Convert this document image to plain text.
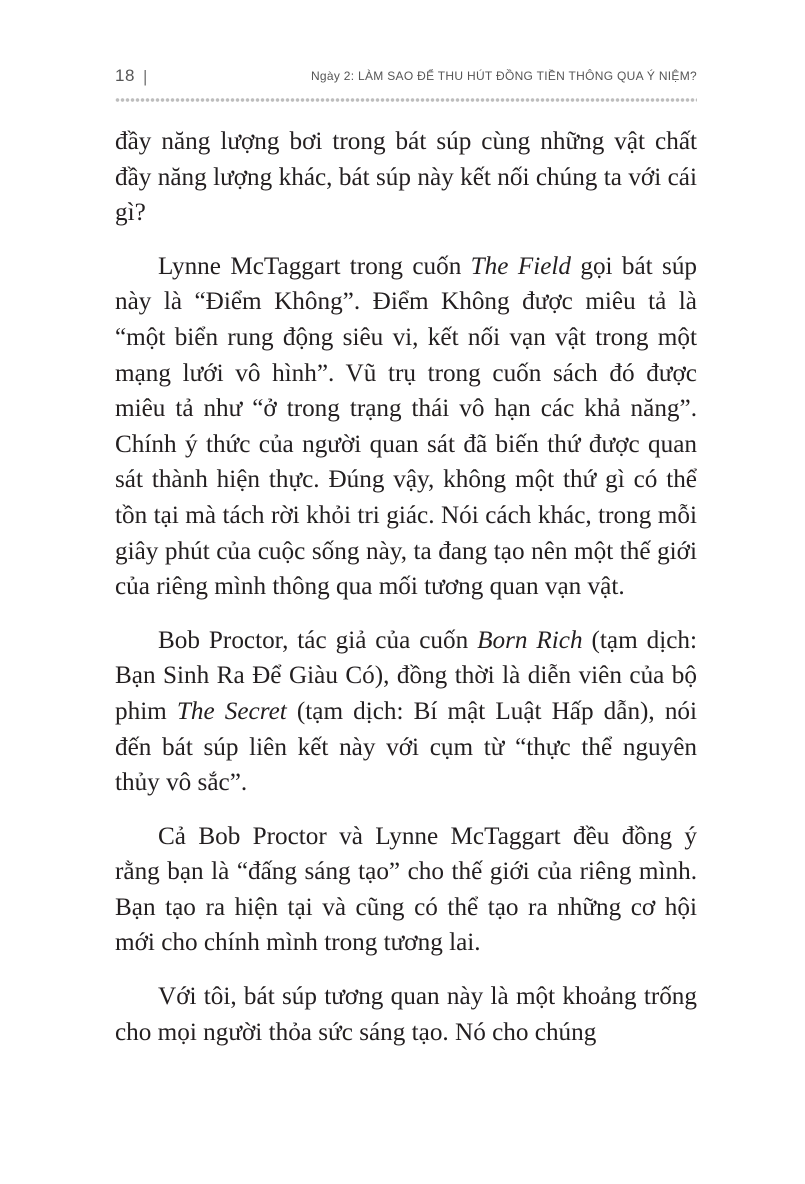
18 |	Ngày 2: LÀM SAO ĐỂ THU HÚT ĐỒNG TIỀN THÔNG QUA Ý NIỆM?

đầy năng lượng bơi trong bát súp cùng những vật chất đầy năng lượng khác, bát súp này kết nối chúng ta với cái gì?

Lynne McTaggart trong cuốn The Field gọi bát súp này là “Điểm Không”. Điểm Không được miêu tả là “một biển rung động siêu vi, kết nối vạn vật trong một mạng lưới vô hình”. Vũ trụ trong cuốn sách đó được miêu tả như “ở trong trạng thái vô hạn các khả năng”. Chính ý thức của người quan sát đã biến thứ được quan sát thành hiện thực. Đúng vậy, không một thứ gì có thể tồn tại mà tách rời khỏi tri giác. Nói cách khác, trong mỗi giây phút của cuộc sống này, ta đang tạo nên một thế giới của riêng mình thông qua mối tương quan vạn vật.

Bob Proctor, tác giả của cuốn Born Rich (tạm dịch: Bạn Sinh Ra Để Giàu Có), đồng thời là diễn viên của bộ phim The Secret (tạm dịch: Bí mật Luật Hấp dẫn), nói đến bát súp liên kết này với cụm từ “thực thể nguyên thủy vô sắc”.

Cả Bob Proctor và Lynne McTaggart đều đồng ý rằng bạn là “đấng sáng tạo” cho thế giới của riêng mình. Bạn tạo ra hiện tại và cũng có thể tạo ra những cơ hội mới cho chính mình trong tương lai.

Với tôi, bát súp tương quan này là một khoảng trống cho mọi người thỏa sức sáng tạo. Nó cho chúng
